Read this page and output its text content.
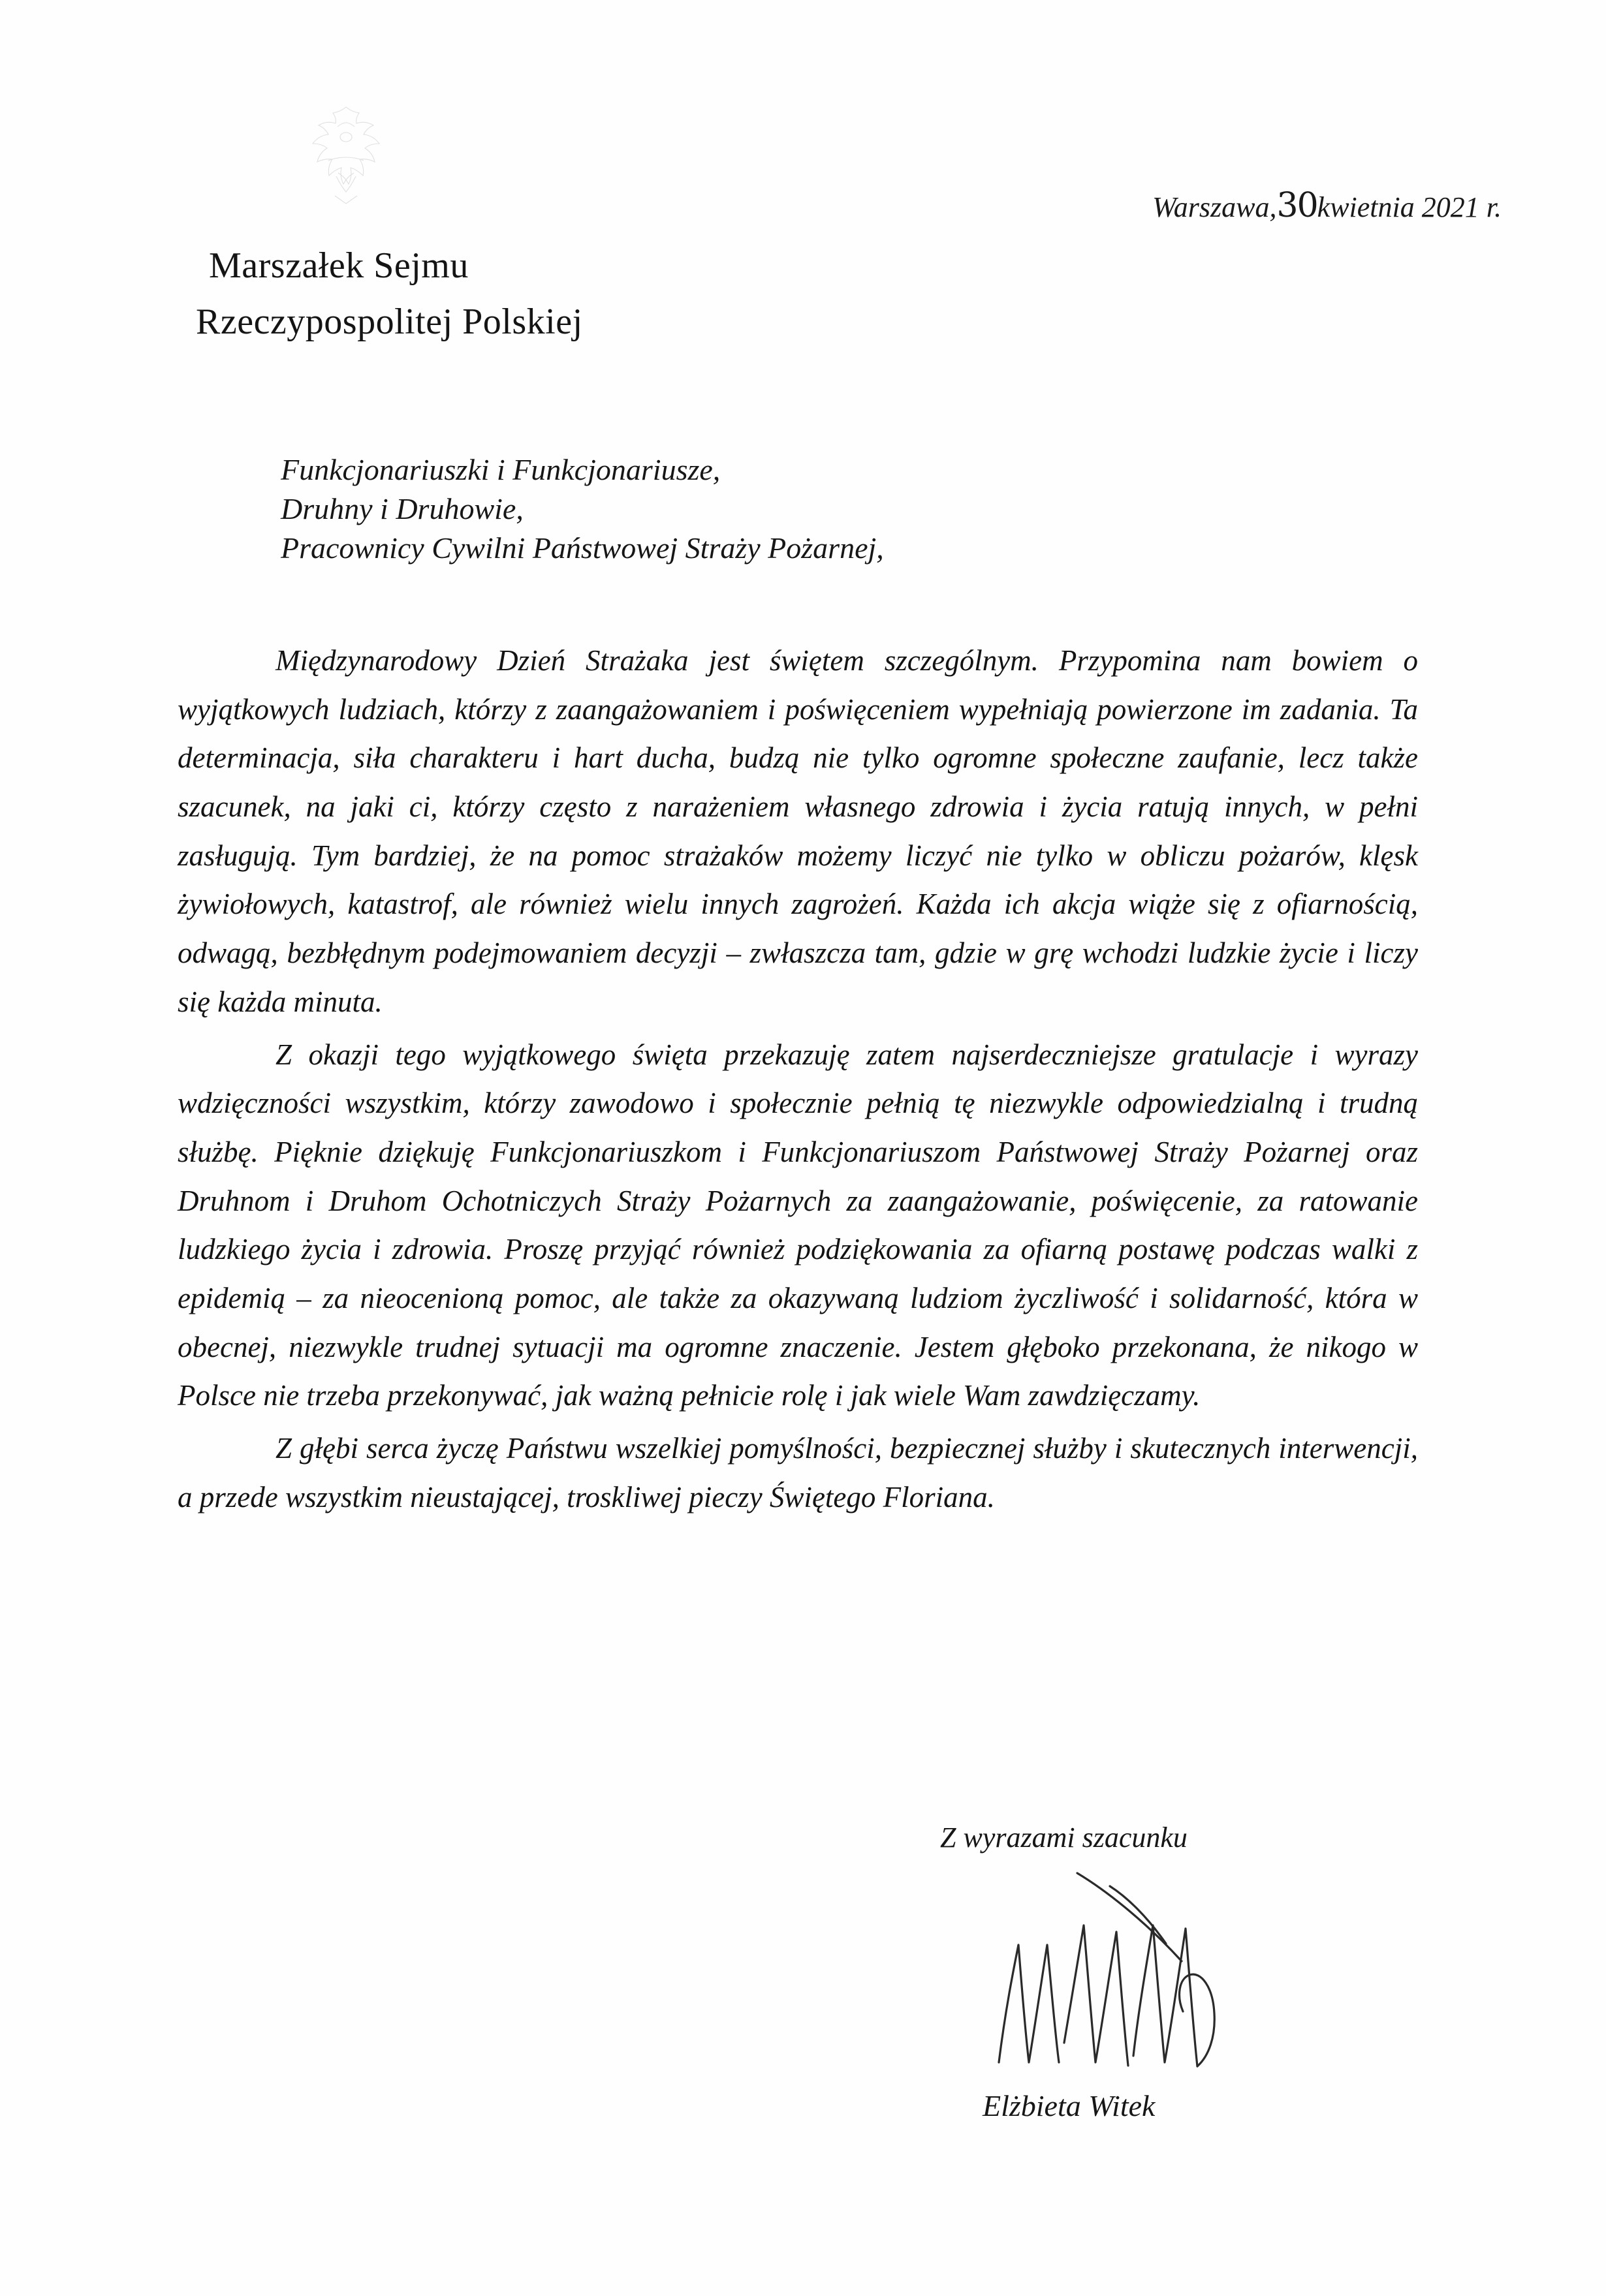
Warszawa,30kwietnia 2021 r.
Marszałek Sejmu
Rzeczypospolitej Polskiej
Funkcjonariuszki i Funkcjonariusze,
Druhny i Druhowie,
Pracownicy Cywilni Państwowej Straży Pożarnej,

Międzynarodowy Dzień Strażaka jest świętem szczególnym. Przypomina nam bowiem o wyjątkowych ludziach, którzy z zaangażowaniem i poświęceniem wypełniają powierzone im zadania. Ta determinacja, siła charakteru i hart ducha, budzą nie tylko ogromne społeczne zaufanie, lecz także szacunek, na jaki ci, którzy często z narażeniem własnego zdrowia i życia ratują innych, w pełni zasługują. Tym bardziej, że na pomoc strażaków możemy liczyć nie tylko w obliczu pożarów, klęsk żywiołowych, katastrof, ale również wielu innych zagrożeń. Każda ich akcja wiąże się z ofiarnością, odwagą, bezbłędnym podejmowaniem decyzji – zwłaszcza tam, gdzie w grę wchodzi ludzkie życie i liczy się każda minuta.

Z okazji tego wyjątkowego święta przekazuję zatem najserdeczniejsze gratulacje i wyrazy wdzięczności wszystkim, którzy zawodowo i społecznie pełnią tę niezwykle odpowiedzialną i trudną służbę. Pięknie dziękuję Funkcjonariuszkom i Funkcjonariuszom Państwowej Straży Pożarnej oraz Druhnom i Druhom Ochotniczych Straży Pożarnych za zaangażowanie, poświęcenie, za ratowanie ludzkiego życia i zdrowia. Proszę przyjąć również podziękowania za ofiarną postawę podczas walki z epidemią – za nieocenioną pomoc, ale także za okazywaną ludziom życzliwość i solidarność, która w obecnej, niezwykle trudnej sytuacji ma ogromne znaczenie. Jestem głęboko przekonana, że nikogo w Polsce nie trzeba przekonywać, jak ważną pełnicie rolę i jak wiele Wam zawdzięczamy.

Z głębi serca życzę Państwu wszelkiej pomyślności, bezpiecznej służby i skutecznych interwencji, a przede wszystkim nieustającej, troskliwej pieczy Świętego Floriana.

Z wyrazami szacunku
Elżbieta Witek
